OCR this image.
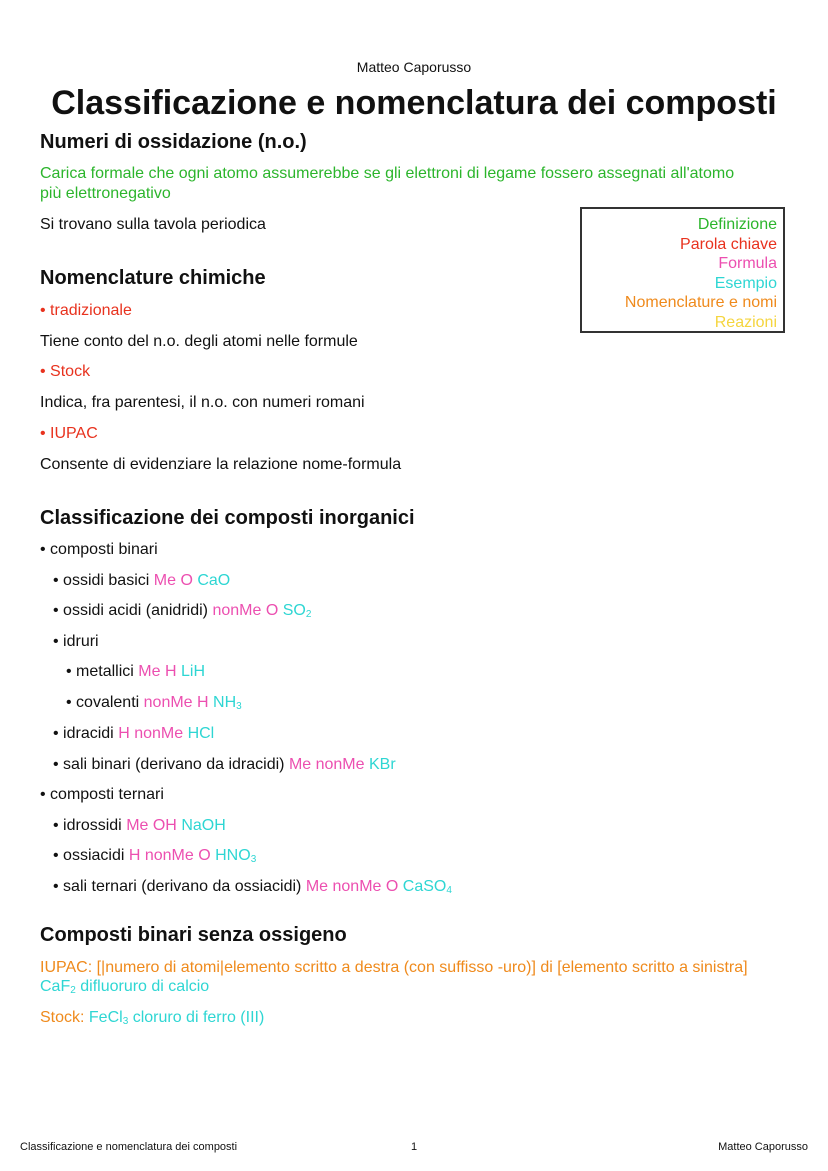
Matteo Caporusso
Classificazione e nomenclatura dei composti
Numeri di ossidazione (n.o.)
Carica formale che ogni atomo assumerebbe se gli elettroni di legame fossero assegnati all'atomo
più elettronegativo
Si trovano sulla tavola periodica	Definizione
Parola chiave
Formula
Esempio
Nomenclature e nomi
Reazioni
Nomenclature chimiche
• tradizionale
Tiene conto del n.o. degli atomi nelle formule
• Stock
Indica, fra parentesi, il n.o. con numeri romani
• IUPAC
Consente di evidenziare la relazione nome-formula
Classificazione dei composti inorganici
• composti binari
• ossidi basici Me O CaO
• ossidi acidi (anidridi) nonMe O $SO_2$
• idruri
• metallici Me H LiH
• covalenti nonMe H $NH_3$
• idracidi H nonMe HCl
• sali binari (derivano da idracidi) Me nonMe KBr
• composti ternari
• idrossidi Me OH NaOH
• ossiacidi H nonMe O $HNO_3$
• sali ternari (derivano da ossiacidi) Me nonMe O CaSO$_4$
Composti binari senza ossigeno
IUPAC: [|numero di atomi|elemento scritto a destra (con suffisso -uro)] di [elemento scritto a sinistra]
CaF$_2$ difluoruro di calcio
Stock: FeCl$_3$ cloruro di ferro (III)
Classificazione e nomenclatura dei composti	1	Matteo Caporusso
